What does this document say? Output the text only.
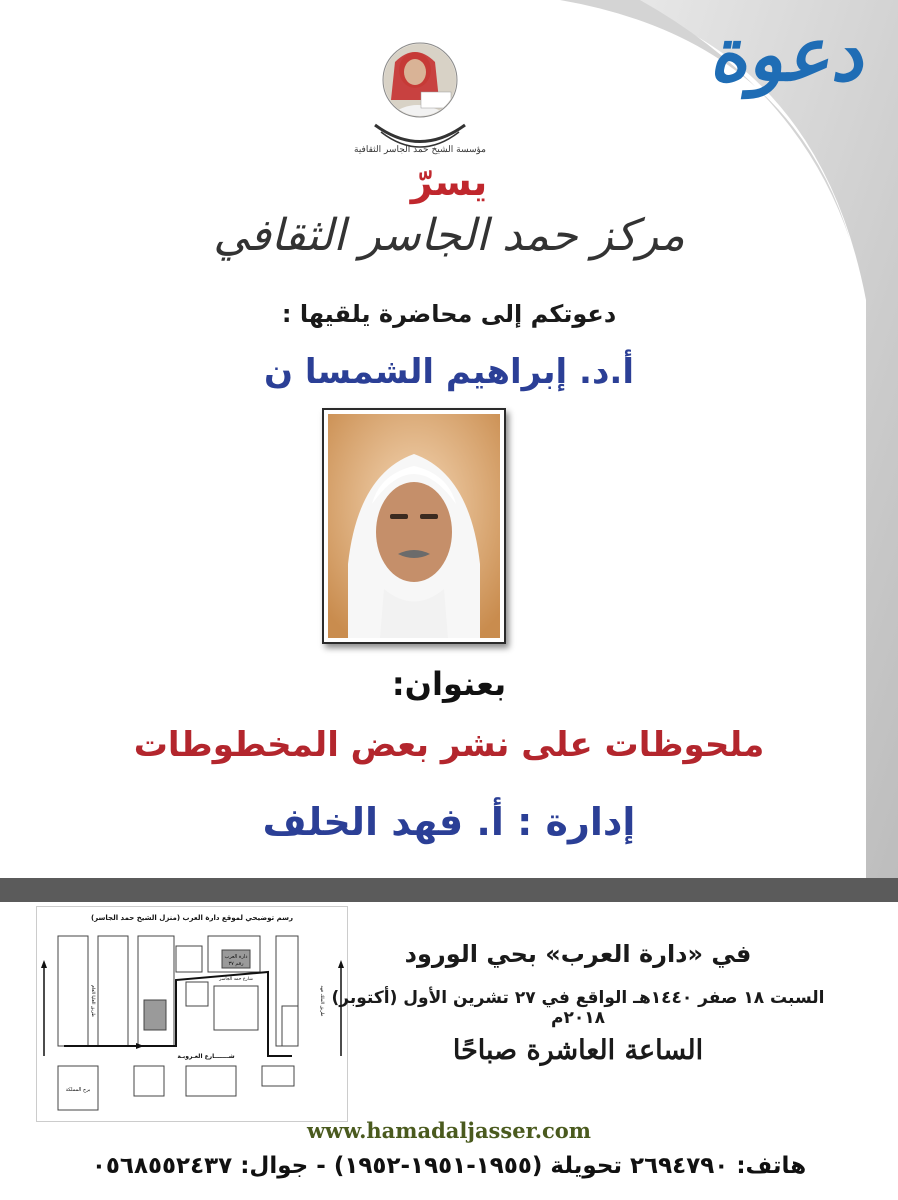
دعوة
مؤسسة الشيخ حمد الجاسر الثقافية
يسرّ
مركز حمد الجاسر الثقافي
دعوتكم إلى محاضرة يلقيها :
أ.د. إبراهيم الشمسا ن
بعنوان:
ملحوظات على نشر بعض المخطوطات
إدارة : أ. فهد الخلف
رسم توضيحي لموقع دارة العرب (منزل الشيخ حمد الجاسر)
دارة العرب
رقم ٣٧
شارع حمد الجاسر
طريق الملك فهد
طريق العليا العام
شـــــــارع العـروبـة
برج المملكة
في «دارة العرب» بحي الورود
السبت ١٨ صفر ١٤٤٠هـ الواقع في ٢٧ تشرين الأول (أكتوبر) ٢٠١٨م
الساعة العاشرة صباحًا
www.hamadaljasser.com
هاتف: ٢٦٩٤٧٩٠ تحويلة (١٩٥٥-١٩٥١-١٩٥٢) - جوال: ٠٥٦٨٥٥٢٤٣٧
